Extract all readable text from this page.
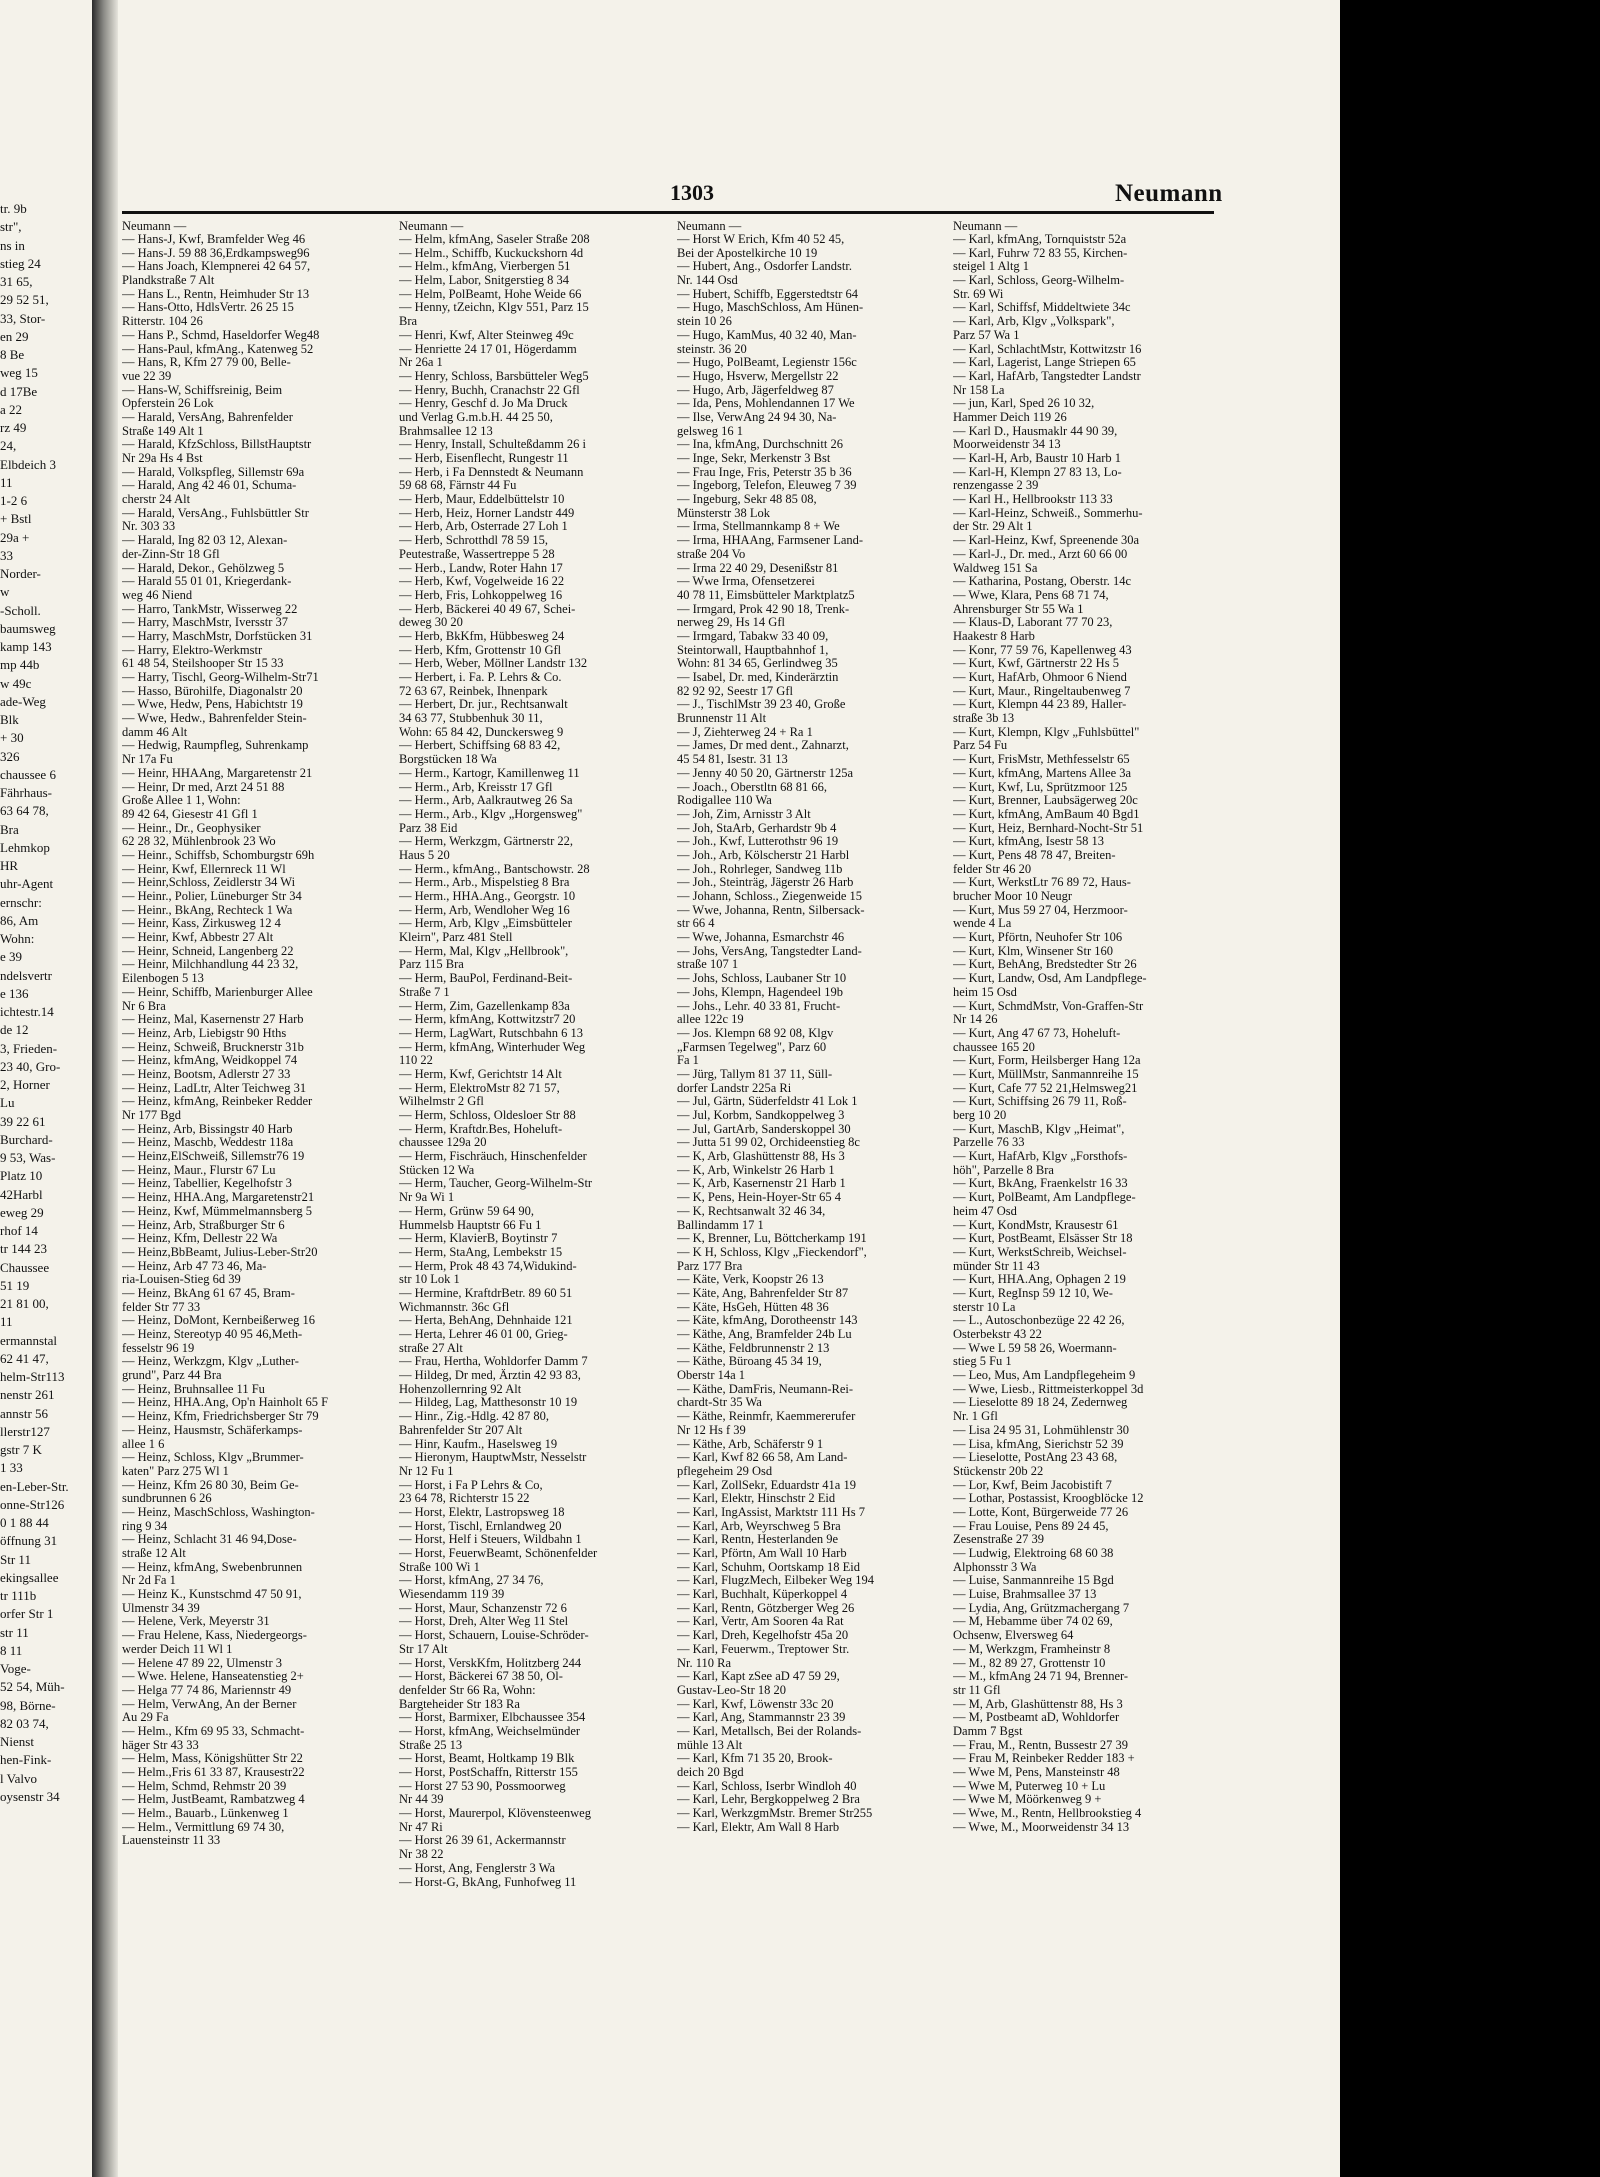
tr. 9b
str",
ns in
stieg 24
31 65,
29 52 51,
33, Stor-
en 29
8 Be
weg 15
d 17Be
a 22
rz 49
24,
Elbdeich 3
11
1-2 6
+ Bstl
29a +
33
Norder-
w
-Scholl.
baumsweg
kamp 143
mp 44b
w 49c
ade-Weg
Blk
+ 30
326
chaussee 6
Fährhaus-
63 64 78,
Bra
Lehmkop
HR
uhr-Agent
ernschr:
86, Am
Wohn:
e 39
ndelsvertr
e 136
ichtestr.14
de 12
3, Frieden-
23 40, Gro-
2, Horner
Lu
39 22 61
Burchard-
9 53, Was-
Platz 10
42Harbl
eweg 29
rhof 14
tr 144 23
Chaussee
51 19
21 81 00,
11
ermannstal
62 41 47,
helm-Str113
nenstr 261
annstr 56
llerstr127
gstr 7 K
1 33
en-Leber-Str.
onne-Str126
0 1 88 44
öffnung 31
Str 11
ekingsallee
tr 111b
orfer Str 1
str 11
8 11
Voge-
52 54, Müh-
98, Börne-
82 03 74,
Nienst
hen-Fink-
l Valvo
oysenstr 34
1303	Neumann
Neumann —
— Hans-J, Kwf, Bramfelder Weg 46
— Hans-J. 59 88 36,Erdkampsweg96
— Hans Joach, Klempnerei 42 64 57,
Plandkstraße 7 Alt
— Hans L., Rentn, Heimhuder Str 13
— Hans-Otto, HdlsVertr. 26 25 15
Ritterstr. 104 26
— Hans P., Schmd, Haseldorfer Weg48
— Hans-Paul, kfmAng., Katenweg 52
— Hans, R, Kfm 27 79 00, Belle-
vue 22 39
— Hans-W, Schiffsreinig, Beim
Opferstein 26 Lok
— Harald, VersAng, Bahrenfelder
Straße 149 Alt 1
— Harald, KfzSchloss, BillstHauptstr
Nr 29a Hs 4 Bst
— Harald, Volkspfleg, Sillemstr 69a
— Harald, Ang 42 46 01, Schuma-
cherstr 24 Alt
— Harald, VersAng., Fuhlsbüttler Str
Nr. 303 33
— Harald, Ing 82 03 12, Alexan-
der-Zinn-Str 18 Gfl
— Harald, Dekor., Gehölzweg 5
— Harald 55 01 01, Kriegerdank-
weg 46 Niend
— Harro, TankMstr, Wisserweg 22
— Harry, MaschMstr, Iversstr 37
— Harry, MaschMstr, Dorfstücken 31
— Harry, Elektro-Werkmstr
61 48 54, Steilshooper Str 15 33
— Harry, Tischl, Georg-Wilhelm-Str71
— Hasso, Bürohilfe, Diagonalstr 20
— Wwe, Hedw, Pens, Habichtstr 19
— Wwe, Hedw., Bahrenfelder Stein-
damm 46 Alt
— Hedwig, Raumpfleg, Suhrenkamp
Nr 17a Fu
— Heinr, HHAAng, Margaretenstr 21
— Heinr, Dr med, Arzt 24 51 88
Große Allee 1 1, Wohn:
89 42 64, Giesestr 41 Gfl 1
— Heinr., Dr., Geophysiker
62 28 32, Mühlenbrook 23 Wo
— Heinr., Schiffsb, Schomburgstr 69h
— Heinr, Kwf, Ellernreck 11 Wl
— Heinr,Schloss, Zeidlerstr 34 Wi
— Heinr., Polier, Lüneburger Str 34
— Heinr., BkAng, Rechteck 1 Wa
— Heinr, Kass, Zirkusweg 12 4
— Heinr, Kwf, Abbestr 27 Alt
— Heinr, Schneid, Langenberg 22
— Heinr, Milchhandlung 44 23 32,
Eilenbogen 5 13
— Heinr, Schiffb, Marienburger Allee
Nr 6 Bra
— Heinz, Mal, Kasernenstr 27 Harb
— Heinz, Arb, Liebigstr 90 Hths
— Heinz, Schweiß, Brucknerstr 31b
— Heinz, kfmAng, Weidkoppel 74
— Heinz, Bootsm, Adlerstr 27 33
— Heinz, LadLtr, Alter Teichweg 31
— Heinz, kfmAng, Reinbeker Redder
Nr 177 Bgd
— Heinz, Arb, Bissingstr 40 Harb
— Heinz, Maschb, Weddestr 118a
— Heinz,ElSchweiß, Sillemstr76 19
— Heinz, Maur., Flurstr 67 Lu
— Heinz, Tabellier, Kegelhofstr 3
— Heinz, HHA.Ang, Margaretenstr21
— Heinz, Kwf, Mümmelmannsberg 5
— Heinz, Arb, Straßburger Str 6
— Heinz, Kfm, Dellestr 22 Wa
— Heinz,BbBeamt, Julius-Leber-Str20
— Heinz, Arb 47 73 46, Ma-
ria-Louisen-Stieg 6d 39
— Heinz, BkAng 61 67 45, Bram-
felder Str 77 33
— Heinz, DoMont, Kernbeißerweg 16
— Heinz, Stereotyp 40 95 46,Meth-
fesselstr 96 19
— Heinz, Werkzgm, Klgv „Luther-
grund", Parz 44 Bra
— Heinz, Bruhnsallee 11 Fu
— Heinz, HHA.Ang, Op'n Hainholt 65 F
— Heinz, Kfm, Friedrichsberger Str 79
— Heinz, Hausmstr, Schäferkamps-
allee 1 6
— Heinz, Schloss, Klgv „Brummer-
katen" Parz 275 Wl 1
— Heinz, Kfm 26 80 30, Beim Ge-
sundbrunnen 6 26
— Heinz, MaschSchloss, Washington-
ring 9 34
— Heinz, Schlacht 31 46 94,Dose-
straße 12 Alt
— Heinz, kfmAng, Swebenbrunnen
Nr 2d Fa 1
— Heinz K., Kunstschmd 47 50 91,
Ulmenstr 34 39
— Helene, Verk, Meyerstr 31
— Frau Helene, Kass, Niedergeorgs-
werder Deich 11 Wl 1
— Helene 47 89 22, Ulmenstr 3
— Wwe. Helene, Hanseatenstieg 2+
— Helga 77 74 86, Mariennstr 49
— Helm, VerwAng, An der Berner
Au 29 Fa
— Helm., Kfm 69 95 33, Schmacht-
häger Str 43 33
— Helm, Mass, Königshütter Str 22
— Helm.,Fris 61 33 87, Krausestr22
— Helm, Schmd, Rehmstr 20 39
— Helm, JustBeamt, Rambatzweg 4
— Helm., Bauarb., Lünkenweg 1
— Helm., Vermittlung 69 74 30,
Lauensteinstr 11 33
Neumann —
— Helm, kfmAng, Saseler Straße 208
— Helm., Schiffb, Kuckuckshorn 4d
— Helm., kfmAng, Vierbergen 51
— Helm, Labor, Snitgerstieg 8 34
— Helm, PolBeamt, Hohe Weide 66
— Henny, tZeichn, Klgv 551, Parz 15
Bra
— Henri, Kwf, Alter Steinweg 49c
— Henriette 24 17 01, Högerdamm
Nr 26a 1
— Henry, Schloss, Barsbütteler Weg5
— Henry, Buchh, Cranachstr 22 Gfl
— Henry, Geschf d. Jo Ma Druck
und Verlag G.m.b.H. 44 25 50,
Brahmsallee 12 13
— Henry, Install, Schulteßdamm 26 i
— Herb, Eisenflecht, Rungestr 11
— Herb, i Fa Dennstedt & Neumann
59 68 68, Färnstr 44 Fu
— Herb, Maur, Eddelbüttelstr 10
— Herb, Heiz, Horner Landstr 449
— Herb, Arb, Osterrade 27 Loh 1
— Herb, Schrotthdl 78 59 15,
Peutestraße, Wassertreppe 5 28
— Herb., Landw, Roter Hahn 17
— Herb, Kwf, Vogelweide 16 22
— Herb, Fris, Lohkoppelweg 16
— Herb, Bäckerei 40 49 67, Schei-
deweg 30 20
— Herb, BkKfm, Hübbesweg 24
— Herb, Kfm, Grottenstr 10 Gfl
— Herb, Weber, Möllner Landstr 132
— Herbert, i. Fa. P. Lehrs & Co.
72 63 67, Reinbek, Ihnenpark
— Herbert, Dr. jur., Rechtsanwalt
34 63 77, Stubbenhuk 30 11,
Wohn: 65 84 42, Dunckersweg 9
— Herbert, Schiffsing 68 83 42,
Borgstücken 18 Wa
— Herm., Kartogr, Kamillenweg 11
— Herm., Arb, Kreisstr 17 Gfl
— Herm., Arb, Aalkrautweg 26 Sa
— Herm., Arb., Klgv „Horgensweg"
Parz 38 Eid
— Herm, Werkzgm, Gärtnerstr 22,
Haus 5 20
— Herm., kfmAng., Bantschowstr. 28
— Herm., Arb., Mispelstieg 8 Bra
— Herm., HHA.Ang., Georgstr. 10
— Herm, Arb, Wendloher Weg 16
— Herm, Arb, Klgv „Eimsbütteler
Kleirn", Parz 481 Stell
— Herm, Mal, Klgv „Hellbrook",
Parz 115 Bra
— Herm, BauPol, Ferdinand-Beit-
Straße 7 1
— Herm, Zim, Gazellenkamp 83a
— Herm, kfmAng, Kottwitzstr7 20
— Herm, LagWart, Rutschbahn 6 13
— Herm, kfmAng, Winterhuder Weg
110 22
— Herm, Kwf, Gerichtstr 14 Alt
— Herm, ElektroMstr 82 71 57,
Wilhelmstr 2 Gfl
— Herm, Schloss, Oldesloer Str 88
— Herm, Kraftdr.Bes, Hoheluft-
chaussee 129a 20
— Herm, Fischräuch, Hinschenfelder
Stücken 12 Wa
— Herm, Taucher, Georg-Wilhelm-Str
Nr 9a Wi 1
— Herm, Grünw 59 64 90,
Hummelsb Hauptstr 66 Fu 1
— Herm, KlavierB, Boytinstr 7
— Herm, StaAng, Lembekstr 15
— Herm, Prok 48 43 74,Widukind-
str 10 Lok 1
— Hermine, KraftdrBetr. 89 60 51
Wichmannstr. 36c Gfl
— Herta, BehAng, Dehnhaide 121
— Herta, Lehrer 46 01 00, Grieg-
straße 27 Alt
— Frau, Hertha, Wohldorfer Damm 7
— Hildeg, Dr med, Ärztin 42 93 83,
Hohenzollernring 92 Alt
— Hildeg, Lag, Matthesonstr 10 19
— Hinr., Zig.-Hdlg. 42 87 80,
Bahrenfelder Str 207 Alt
— Hinr, Kaufm., Haselsweg 19
— Hieronym, HauptwMstr, Nesselstr
Nr 12 Fu 1
— Horst, i Fa P Lehrs & Co,
23 64 78, Richterstr 15 22
— Horst, Elektr, Lastropsweg 18
— Horst, Tischl, Ernlandweg 20
— Horst, Helf i Steuers, Wildbahn 1
— Horst, FeuerwBeamt, Schönenfelder
Straße 100 Wi 1
— Horst, kfmAng, 27 34 76,
Wiesendamm 119 39
— Horst, Maur, Schanzenstr 72 6
— Horst, Dreh, Alter Weg 11 Stel
— Horst, Schauern, Louise-Schröder-
Str 17 Alt
— Horst, VerskKfm, Holitzberg 244
— Horst, Bäckerei 67 38 50, Ol-
denfelder Str 66 Ra, Wohn:
Bargteheider Str 183 Ra
— Horst, Barmixer, Elbchaussee 354
— Horst, kfmAng, Weichselmünder
Straße 25 13
— Horst, Beamt, Holtkamp 19 Blk
— Horst, PostSchaffn, Ritterstr 155
— Horst 27 53 90, Possmoorweg
Nr 44 39
— Horst, Maurerpol, Klövensteenweg
Nr 47 Ri
— Horst 26 39 61, Ackermannstr
Nr 38 22
— Horst, Ang, Fenglerstr 3 Wa
— Horst-G, BkAng, Funhofweg 11
Neumann —
— Horst W Erich, Kfm 40 52 45,
Bei der Apostelkirche 10 19
— Hubert, Ang., Osdorfer Landstr.
Nr. 144 Osd
— Hubert, Schiffb, Eggerstedtstr 64
— Hugo, MaschSchloss, Am Hünen-
stein 10 26
— Hugo, KamMus, 40 32 40, Man-
steinstr. 36 20
— Hugo, PolBeamt, Legienstr 156c
— Hugo, Hsverw, Mergellstr 22
— Hugo, Arb, Jägerfeldweg 87
— Ida, Pens, Mohlendannen 17 We
— Ilse, VerwAng 24 94 30, Na-
gelsweg 16 1
— Ina, kfmAng, Durchschnitt 26
— Inge, Sekr, Merkenstr 3 Bst
— Frau Inge, Fris, Peterstr 35 b 36
— Ingeborg, Telefon, Eleuweg 7 39
— Ingeburg, Sekr 48 85 08,
Münsterstr 38 Lok
— Irma, Stellmannkamp 8 + We
— Irma, HHAAng, Farmsener Land-
straße 204 Vo
— Irma 22 40 29, Desenißstr 81
— Wwe Irma, Ofensetzerei
40 78 11, Eimsbütteler Marktplatz5
— Irmgard, Prok 42 90 18, Trenk-
nerweg 29, Hs 14 Gfl
— Irmgard, Tabakw 33 40 09,
Steintorwall, Hauptbahnhof 1,
Wohn: 81 34 65, Gerlindweg 35
— Isabel, Dr. med, Kinderärztin
82 92 92, Seestr 17 Gfl
— J., TischlMstr 39 23 40, Große
Brunnenstr 11 Alt
— J, Ziehterweg 24 + Ra 1
— James, Dr med dent., Zahnarzt,
45 54 81, Isestr. 31 13
— Jenny 40 50 20, Gärtnerstr 125a
— Joach., Oberstltn 68 81 66,
Rodigallee 110 Wa
— Joh, Zim, Arnisstr 3 Alt
— Joh, StaArb, Gerhardstr 9b 4
— Joh., Kwf, Lutterothstr 96 19
— Joh., Arb, Kölscherstr 21 Harbl
— Joh., Rohrleger, Sandweg 11b
— Joh., Steinträg, Jägerstr 26 Harb
— Johann, Schloss., Ziegenweide 15
— Wwe, Johanna, Rentn, Silbersack-
str 66 4
— Wwe, Johanna, Esmarchstr 46
— Johs, VersAng, Tangstedter Land-
straße 107 1
— Johs, Schloss, Laubaner Str 10
— Johs, Klempn, Hagendeel 19b
— Johs., Lehr. 40 33 81, Frucht-
allee 122c 19
— Jos. Klempn 68 92 08, Klgv
„Farmsen Tegelweg", Parz 60
Fa 1
— Jürg, Tallym 81 37 11, Süll-
dorfer Landstr 225a Ri
— Jul, Gärtn, Süderfeldstr 41 Lok 1
— Jul, Korbm, Sandkoppelweg 3
— Jul, GartArb, Sanderskoppel 30
— Jutta 51 99 02, Orchideenstieg 8c
— K, Arb, Glashüttenstr 88, Hs 3
— K, Arb, Winkelstr 26 Harb 1
— K, Arb, Kasernenstr 21 Harb 1
— K, Pens, Hein-Hoyer-Str 65 4
— K, Rechtsanwalt 32 46 34,
Ballindamm 17 1
— K, Brenner, Lu, Böttcherkamp 191
— K H, Schloss, Klgv „Fieckendorf",
Parz 177 Bra
— Käte, Verk, Koopstr 26 13
— Käte, Ang, Bahrenfelder Str 87
— Käte, HsGeh, Hütten 48 36
— Käte, kfmAng, Dorotheenstr 143
— Käthe, Ang, Bramfelder 24b Lu
— Käthe, Feldbrunnenstr 2 13
— Käthe, Büroang 45 34 19,
Oberstr 14a 1
— Käthe, DamFris, Neumann-Rei-
chardt-Str 35 Wa
— Käthe, Reinmfr, Kaemmererufer
Nr 12 Hs f 39
— Käthe, Arb, Schäferstr 9 1
— Karl, Kwf 82 66 58, Am Land-
pflegeheim 29 Osd
— Karl, ZollSekr, Eduardstr 41a 19
— Karl, Elektr, Hinschstr 2 Eid
— Karl, IngAssist, Marktstr 111 Hs 7
— Karl, Arb, Weyrschweg 5 Bra
— Karl, Rentn, Hesterlanden 9e
— Karl, Pförtn, Am Wall 10 Harb
— Karl, Schuhm, Oortskamp 18 Eid
— Karl, FlugzMech, Eilbeker Weg 194
— Karl, Buchhalt, Küperkoppel 4
— Karl, Rentn, Götzberger Weg 26
— Karl, Vertr, Am Sooren 4a Rat
— Karl, Dreh, Kegelhofstr 45a 20
— Karl, Feuerwm., Treptower Str.
Nr. 110 Ra
— Karl, Kapt zSee aD 47 59 29,
Gustav-Leo-Str 18 20
— Karl, Kwf, Löwenstr 33c 20
— Karl, Ang, Stammannstr 23 39
— Karl, Metallsch, Bei der Rolands-
mühle 13 Alt
— Karl, Kfm 71 35 20, Brook-
deich 20 Bgd
— Karl, Schloss, Iserbr Windloh 40
— Karl, Lehr, Bergkoppelweg 2 Bra
— Karl, WerkzgmMstr. Bremer Str255
— Karl, Elektr, Am Wall 8 Harb
Neumann —
— Karl, kfmAng, Tornquiststr 52a
— Karl, Fuhrw 72 83 55, Kirchen-
steigel 1 Altg 1
— Karl, Schloss, Georg-Wilhelm-
Str. 69 Wi
— Karl, Schiffsf, Middeltwiete 34c
— Karl, Arb, Klgv „Volkspark",
Parz 57 Wa 1
— Karl, SchlachtMstr, Kottwitzstr 16
— Karl, Lagerist, Lange Striepen 65
— Karl, HafArb, Tangstedter Landstr
Nr 158 La
— jun, Karl, Sped 26 10 32,
Hammer Deich 119 26
— Karl D., Hausmaklr 44 90 39,
Moorweidenstr 34 13
— Karl-H, Arb, Baustr 10 Harb 1
— Karl-H, Klempn 27 83 13, Lo-
renzengasse 2 39
— Karl H., Hellbrookstr 113 33
— Karl-Heinz, Schweiß., Sommerhu-
der Str. 29 Alt 1
— Karl-Heinz, Kwf, Spreenende 30a
— Karl-J., Dr. med., Arzt 60 66 00
Waldweg 151 Sa
— Katharina, Postang, Oberstr. 14c
— Wwe, Klara, Pens 68 71 74,
Ahrensburger Str 55 Wa 1
— Klaus-D, Laborant 77 70 23,
Haakestr 8 Harb
— Konr, 77 59 76, Kapellenweg 43
— Kurt, Kwf, Gärtnerstr 22 Hs 5
— Kurt, HafArb, Ohmoor 6 Niend
— Kurt, Maur., Ringeltaubenweg 7
— Kurt, Klempn 44 23 89, Haller-
straße 3b 13
— Kurt, Klempn, Klgv „Fuhlsbüttel"
Parz 54 Fu
— Kurt, FrisMstr, Methfesselstr 65
— Kurt, kfmAng, Martens Allee 3a
— Kurt, Kwf, Lu, Sprützmoor 125
— Kurt, Brenner, Laubsägerweg 20c
— Kurt, kfmAng, AmBaum 40 Bgd1
— Kurt, Heiz, Bernhard-Nocht-Str 51
— Kurt, kfmAng, Isestr 58 13
— Kurt, Pens 48 78 47, Breiten-
felder Str 46 20
— Kurt, WerkstLtr 76 89 72, Haus-
brucher Moor 10 Neugr
— Kurt, Mus 59 27 04, Herzmoor-
wende 4 La
— Kurt, Pförtn, Neuhofer Str 106
— Kurt, Klm, Winsener Str 160
— Kurt, BehAng, Bredstedter Str 26
— Kurt, Landw, Osd, Am Landpflege-
heim 15 Osd
— Kurt, SchmdMstr, Von-Graffen-Str
Nr 14 26
— Kurt, Ang 47 67 73, Hoheluft-
chaussee 165 20
— Kurt, Form, Heilsberger Hang 12a
— Kurt, MüllMstr, Sanmannreihe 15
— Kurt, Cafe 77 52 21,Helmsweg21
— Kurt, Schiffsing 26 79 11, Roß-
berg 10 20
— Kurt, MaschB, Klgv „Heimat",
Parzelle 76 33
— Kurt, HafArb, Klgv „Forsthofs-
höh", Parzelle 8 Bra
— Kurt, BkAng, Fraenkelstr 16 33
— Kurt, PolBeamt, Am Landpflege-
heim 47 Osd
— Kurt, KondMstr, Krausestr 61
— Kurt, PostBeamt, Elsässer Str 18
— Kurt, WerkstSchreib, Weichsel-
münder Str 11 43
— Kurt, HHA.Ang, Ophagen 2 19
— Kurt, RegInsp 59 12 10, We-
sterstr 10 La
— L., Autoschonbezüge 22 42 26,
Osterbekstr 43 22
— Wwe L 59 58 26, Woermann-
stieg 5 Fu 1
— Leo, Mus, Am Landpflegeheim 9
— Wwe, Liesb., Rittmeisterkoppel 3d
— Lieselotte 89 18 24, Zedernweg
Nr. 1 Gfl
— Lisa 24 95 31, Lohmühlenstr 30
— Lisa, kfmAng, Sierichstr 52 39
— Lieselotte, PostAng 23 43 68,
Stückenstr 20b 22
— Lor, Kwf, Beim Jacobistift 7
— Lothar, Postassist, Kroogblöcke 12
— Lotte, Kont, Bürgerweide 77 26
— Frau Louise, Pens 89 24 45,
Zesenstraße 27 39
— Ludwig, Elektroing 68 60 38
Alphonsstr 3 Wa
— Luise, Sanmannreihe 15 Bgd
— Luise, Brahmsallee 37 13
— Lydia, Ang, Grützmachergang 7
— M, Hebamme über 74 02 69,
Ochsenw, Elversweg 64
— M, Werkzgm, Framheinstr 8
— M., 82 89 27, Grottenstr 10
— M., kfmAng 24 71 94, Brenner-
str 11 Gfl
— M, Arb, Glashüttenstr 88, Hs 3
— M, Postbeamt aD, Wohldorfer
Damm 7 Bgst
— Frau, M., Rentn, Bussestr 27 39
— Frau M, Reinbeker Redder 183 +
— Wwe M, Pens, Mansteinstr 48
— Wwe M, Puterweg 10 + Lu
— Wwe M, Möörkenweg 9 +
— Wwe, M., Rentn, Hellbrookstieg 4
— Wwe, M., Moorweidenstr 34 13
